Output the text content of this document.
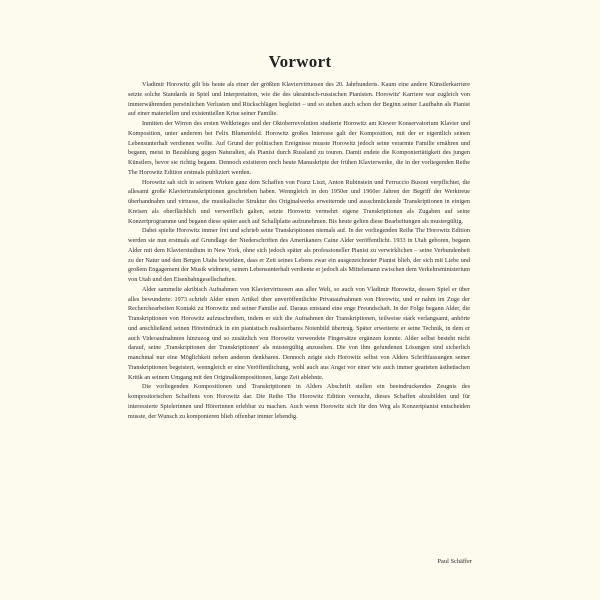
Vorwort

Vladimir Horowitz gilt bis heute als einer der größten Klaviervirtuosen des 20. Jahrhunderts. Kaum eine andere Künstlerkarriere setzte solche Standards in Spiel und Interpretation, wie die des ukrainisch-russischen Pianisten. Horowitz' Karriere war zugleich von immerwährenden persönlichen Verlusten und Rückschlägen begleitet – und so stehen auch schon der Beginn seiner Laufbahn als Pianist auf einer materiellen und existentiellen Krise seiner Familie.

Inmitten der Wirren des ersten Weltkrieges und der Oktoberrevolution studierte Horowitz am Kiewer Konservatorium Klavier und Komposition, unter anderem bei Felix Blumenfeld. Horowitz großes Interesse galt der Komposition, mit der er eigentlich seinen Lebensunterhalt verdienen wollte. Auf Grund der politischen Ereignisse musste Horowitz jedoch seine verarmte Familie ernähren und begann, meist in Bezahlung gegen Naturalien, als Pianist durch Russland zu touren. Damit endete die Komponiertätigkeit des jungen Künstlers, bevor sie richtig begann. Dennoch existieren noch heute Manuskripte der frühen Klavierwerke, die in der vorliegenden Reihe The Horowitz Edition erstmals publiziert werden.

Horowitz sah sich in seinem Wirken ganz dem Schaffen von Franz Liszt, Anton Rubinstein und Ferruccio Busoni verpflichtet, die allesamt große Klaviertranskriptionen geschrieben haben. Wenngleich in den 1950er und 1960er Jahren der Begriff der Werktreue überhandnahm und virtuose, die musikalische Struktur des Originalwerks erweiternde und ausschmückende Transkriptionen in einigen Kreisen als oberflächlich und verwerflich galten, setzte Horowitz vermehrt eigene Transkriptionen als Zugaben auf seine Konzertprogramme und begann diese später auch auf Schallplatte aufzunehmen. Bis heute gelten diese Bearbeitungen als mustergültig.

Dabei spielte Horowitz immer frei und schrieb seine Transkriptionen niemals auf. In der vorliegenden Reihe The Horowitz Edition werden sie nun erstmals auf Grundlage der Niederschriften des Amerikaners Caine Alder veröffentlicht. 1933 in Utah geboren, begann Alder mit dem Klavierstudium in New York, ohne sich jedoch später als professioneller Pianist zu verwirklichen – seine Verbundenheit zu der Natur und den Bergen Utahs bewirkten, dass er Zeit seines Lebens zwar ein ausgezeichneter Pianist blieb, der sich mit Liebe und großem Engagement der Musik widmete, seinen Lebensunterhalt verdiente er jedoch als Mittelsmann zwischen dem Verkehrsministerium von Utah und den Eisenbahngesellschaften.

Alder sammelte akribisch Aufnahmen von Klaviervirtuosen aus aller Welt, so auch von Vladimir Horowitz, dessen Spiel er über alles bewunderte. 1973 schrieb Alder einen Artikel über unveröffentlichte Privataufnahmen von Horowitz, und er nahm im Zuge der Recherchearbeiten Kontakt zu Horowitz und seiner Familie auf. Daraus entstand eine enge Freundschaft. In der Folge begann Alder, die Transkriptionen von Horowitz aufzuschreiben, indem er sich die Aufnahmen der Transkriptionen, teilweise stark verlangsamt, anhörte und anschließend seinen Höreindruck in ein pianistisch realisierbares Notenbild übertrug. Später erweiterte er seine Technik, in dem er auch Videoaufnahmen hinzuzog und so zusätzlich von Horowitz verwendete Fingersätze ergänzen konnte. Alder selbst besteht nicht darauf, seine ‚Transkriptionen der Transkriptionen' als mustergültig anzusehen. Die von ihm gefundenen Lösungen sind sicherlich manchmal nur eine Möglichkeit neben anderen denkbaren. Dennoch zeigte sich Horowitz selbst von Alders Schriftfassungen seiner Transkriptionen begeistert, wenngleich er eine Veröffentlichung, wohl auch aus Angst vor einer wie auch immer gearteten ästhetischen Kritik an seinem Umgang mit den Originalkompositionen, lange Zeit ablehnte.

Die vorliegenden Kompositionen und Transkriptionen in Alders Abschrift stellen ein beeindruckendes Zeugnis des kompositorischen Schaffens von Horowitz dar. Die Reihe The Horowitz Edition versucht, dieses Schaffen abzubilden und für interessierte Spielerinnen und Hörerinnen erlebbar zu machen. Auch wenn Horowitz sich für den Weg als Konzertpianist entscheiden musste, der Wunsch zu komponieren blieb offenbar immer lebendig.

Paul Schäffer
